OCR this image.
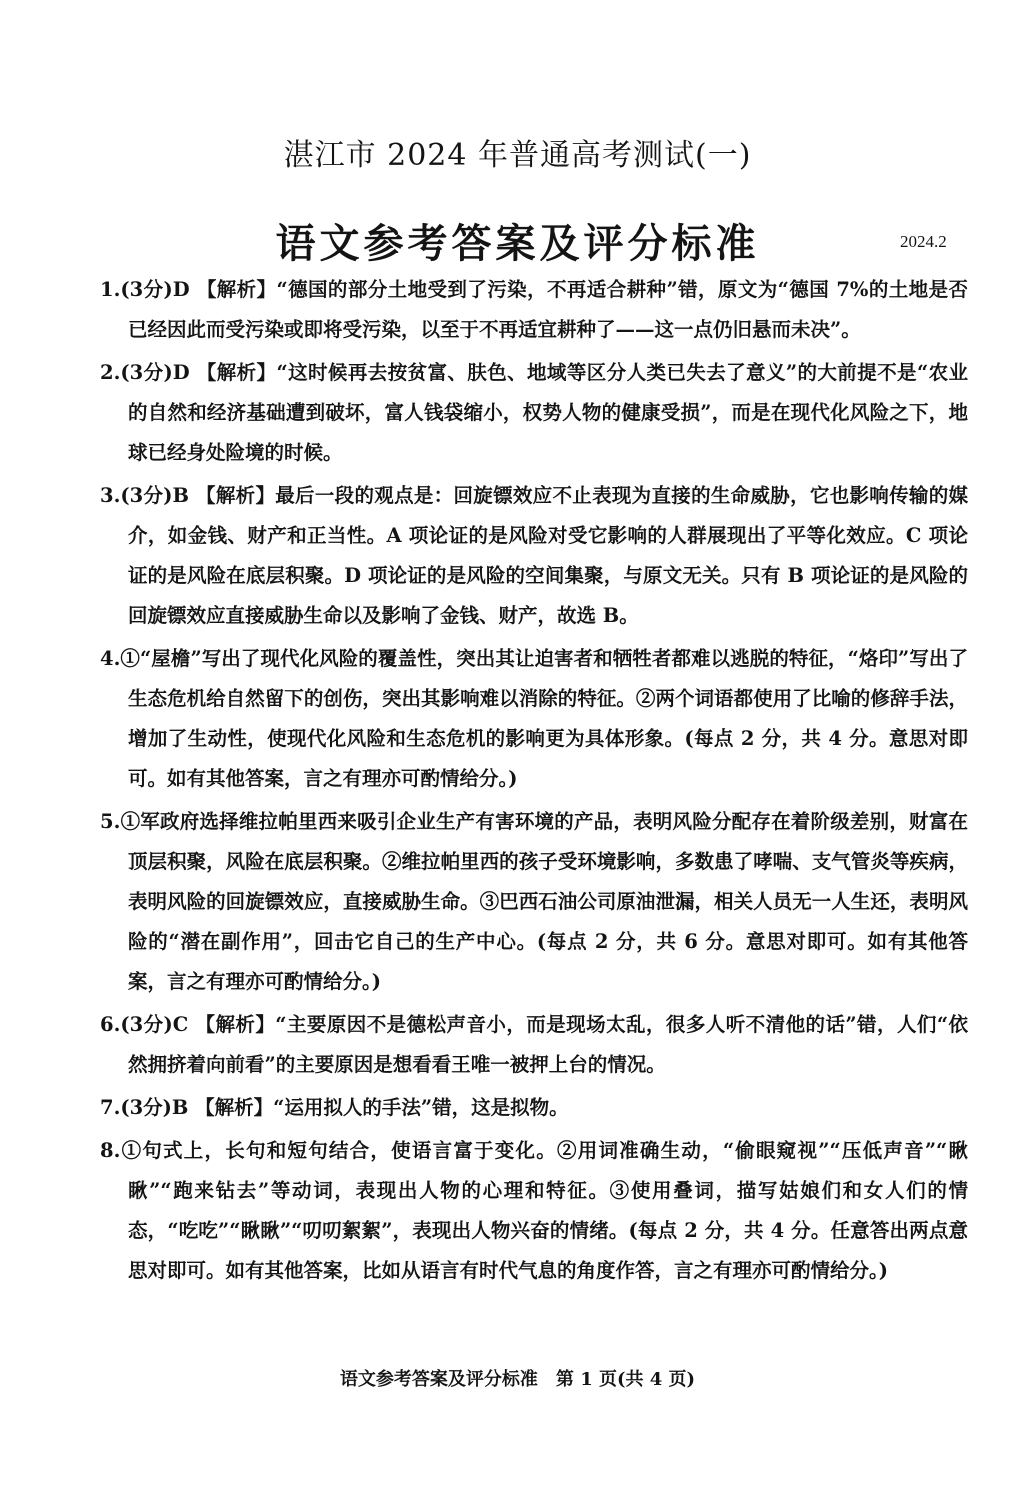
湛江市 2024 年普通高考测试(一)
语文参考答案及评分标准	2024.2

1.(3分)D 【解析】“德国的部分土地受到了污染，不再适合耕种”错，原文为“德国 7%的土地是否已经因此而受污染或即将受污染，以至于不再适宜耕种了——这一点仍旧悬而未决”。

2.(3分)D 【解析】“这时候再去按贫富、肤色、地域等区分人类已失去了意义”的大前提不是“农业的自然和经济基础遭到破坏，富人钱袋缩小，权势人物的健康受损”，而是在现代化风险之下，地球已经身处险境的时候。

3.(3分)B 【解析】最后一段的观点是：回旋镖效应不止表现为直接的生命威胁，它也影响传输的媒介，如金钱、财产和正当性。A 项论证的是风险对受它影响的人群展现出了平等化效应。C 项论证的是风险在底层积聚。D 项论证的是风险的空间集聚，与原文无关。只有 B 项论证的是风险的回旋镖效应直接威胁生命以及影响了金钱、财产，故选 B。

4.①“屋檐”写出了现代化风险的覆盖性，突出其让迫害者和牺牲者都难以逃脱的特征，“烙印”写出了生态危机给自然留下的创伤，突出其影响难以消除的特征。②两个词语都使用了比喻的修辞手法，增加了生动性，使现代化风险和生态危机的影响更为具体形象。(每点 2 分，共 4 分。意思对即可。如有其他答案，言之有理亦可酌情给分。)

5.①军政府选择维拉帕里西来吸引企业生产有害环境的产品，表明风险分配存在着阶级差别，财富在顶层积聚，风险在底层积聚。②维拉帕里西的孩子受环境影响，多数患了哮喘、支气管炎等疾病，表明风险的回旋镖效应，直接威胁生命。③巴西石油公司原油泄漏，相关人员无一人生还，表明风险的“潜在副作用”，回击它自己的生产中心。(每点 2 分，共 6 分。意思对即可。如有其他答案，言之有理亦可酌情给分。)

6.(3分)C 【解析】“主要原因不是德松声音小，而是现场太乱，很多人听不清他的话”错，人们“依然拥挤着向前看”的主要原因是想看看王唯一被押上台的情况。

7.(3分)B 【解析】“运用拟人的手法”错，这是拟物。

8.①句式上，长句和短句结合，使语言富于变化。②用词准确生动，“偷眼窥视”“压低声音”“瞅瞅”“跑来钻去”等动词，表现出人物的心理和特征。③使用叠词，描写姑娘们和女人们的情态，“吃吃”“瞅瞅”“叨叨絮絮”，表现出人物兴奋的情绪。(每点 2 分，共 4 分。任意答出两点意思对即可。如有其他答案，比如从语言有时代气息的角度作答，言之有理亦可酌情给分。)

语文参考答案及评分标准 第 1 页(共 4 页)
